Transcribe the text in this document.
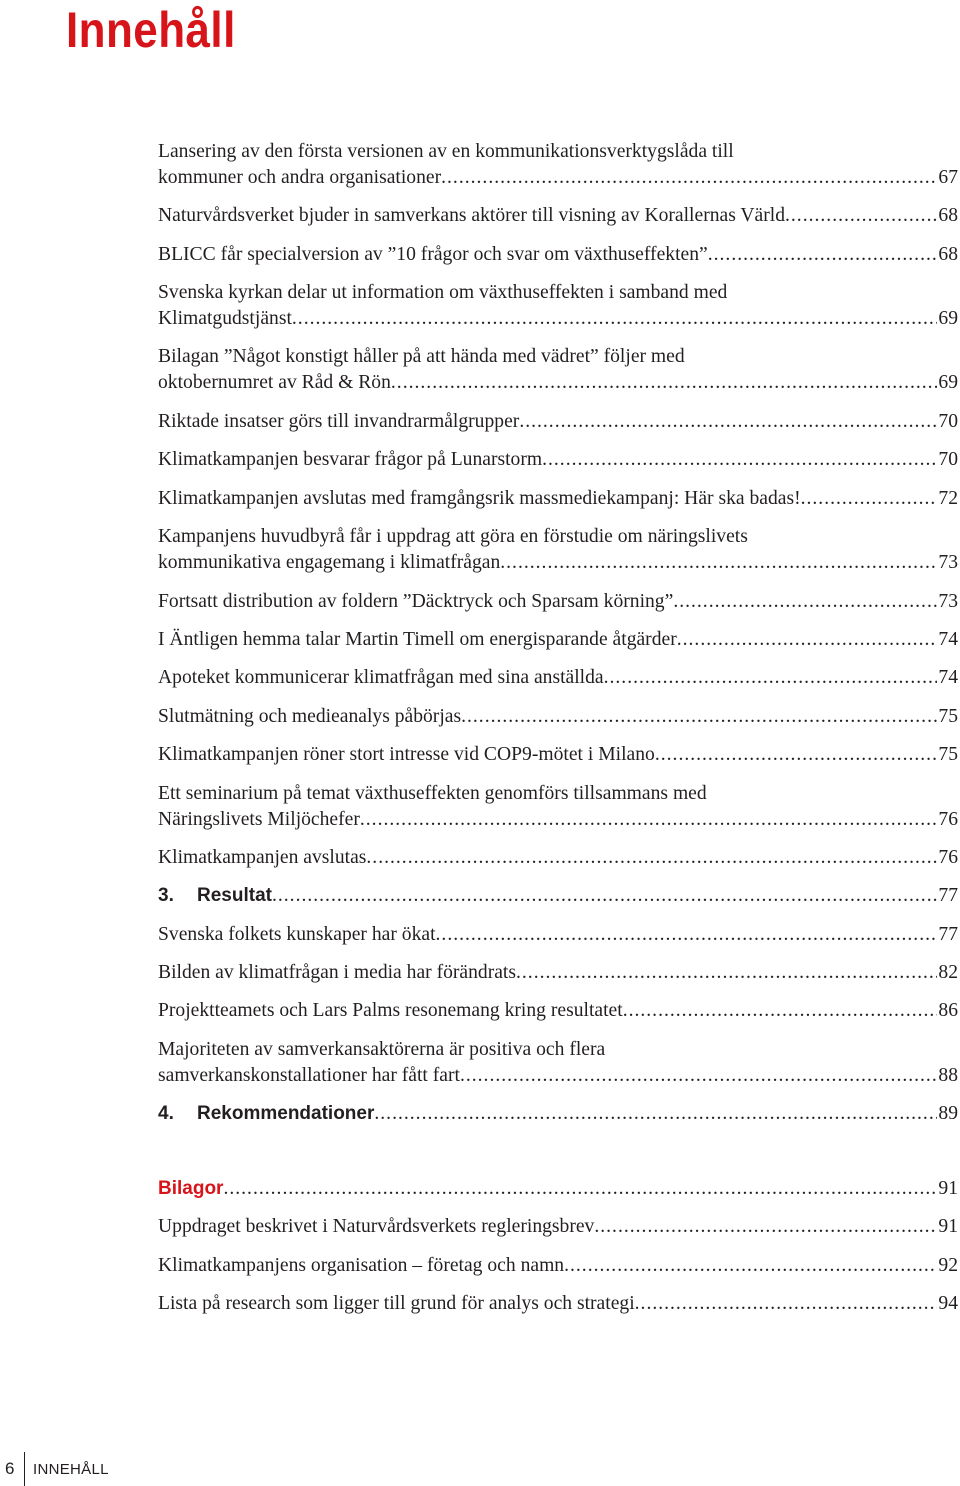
Innehåll
Lansering av den första versionen av en kommunikationsverktygslåda till
kommuner och andra organisationer .....	67
Naturvårdsverket bjuder in samverkans aktörer till visning av Korallernas Värld .....	68
BLICC får specialversion av ”10 frågor och svar om växthuseffekten” .....	68
Svenska kyrkan delar ut information om växthuseffekten i samband med
Klimatgudstjänst .....	69
Bilagan ”Något konstigt håller på att hända med vädret” följer med
oktobernumret av Råd & Rön .....	69
Riktade insatser görs till invandrarmålgrupper .....	70
Klimatkampanjen besvarar frågor på Lunarstorm .....	70
Klimatkampanjen avslutas med framgångsrik massmediekampanj: Här ska badas! .....	72
Kampanjens huvudbyrå får i uppdrag att göra en förstudie om näringslivets
kommunikativa engagemang i klimatfrågan .....	73
Fortsatt distribution av foldern ”Däcktryck och Sparsam körning” .....	73
I Äntligen hemma talar Martin Timell om energisparande åtgärder .....	74
Apoteket kommunicerar klimatfrågan med sina anställda .....	74
Slutmätning och medieanalys påbörjas .....	75
Klimatkampanjen röner stort intresse vid COP9-mötet i Milano .....	75
Ett seminarium på temat växthuseffekten genomförs tillsammans med
Näringslivets Miljöchefer .....	76
Klimatkampanjen avslutas .....	76
3. Resultat .....	77
Svenska folkets kunskaper har ökat .....	77
Bilden av klimatfrågan i media har förändrats .....	82
Projektteamets och Lars Palms resonemang kring resultatet .....	86
Majoriteten av samverkansaktörerna är positiva och flera
samverkanskonstallationer har fått fart .....	88
4. Rekommendationer .....	89
Bilagor .....	91
Uppdraget beskrivet i Naturvårdsverkets regleringsbrev .....	91
Klimatkampanjens organisation – företag och namn .....	92
Lista på research som ligger till grund för analys och strategi .....	94
6 INNEHÅLL
